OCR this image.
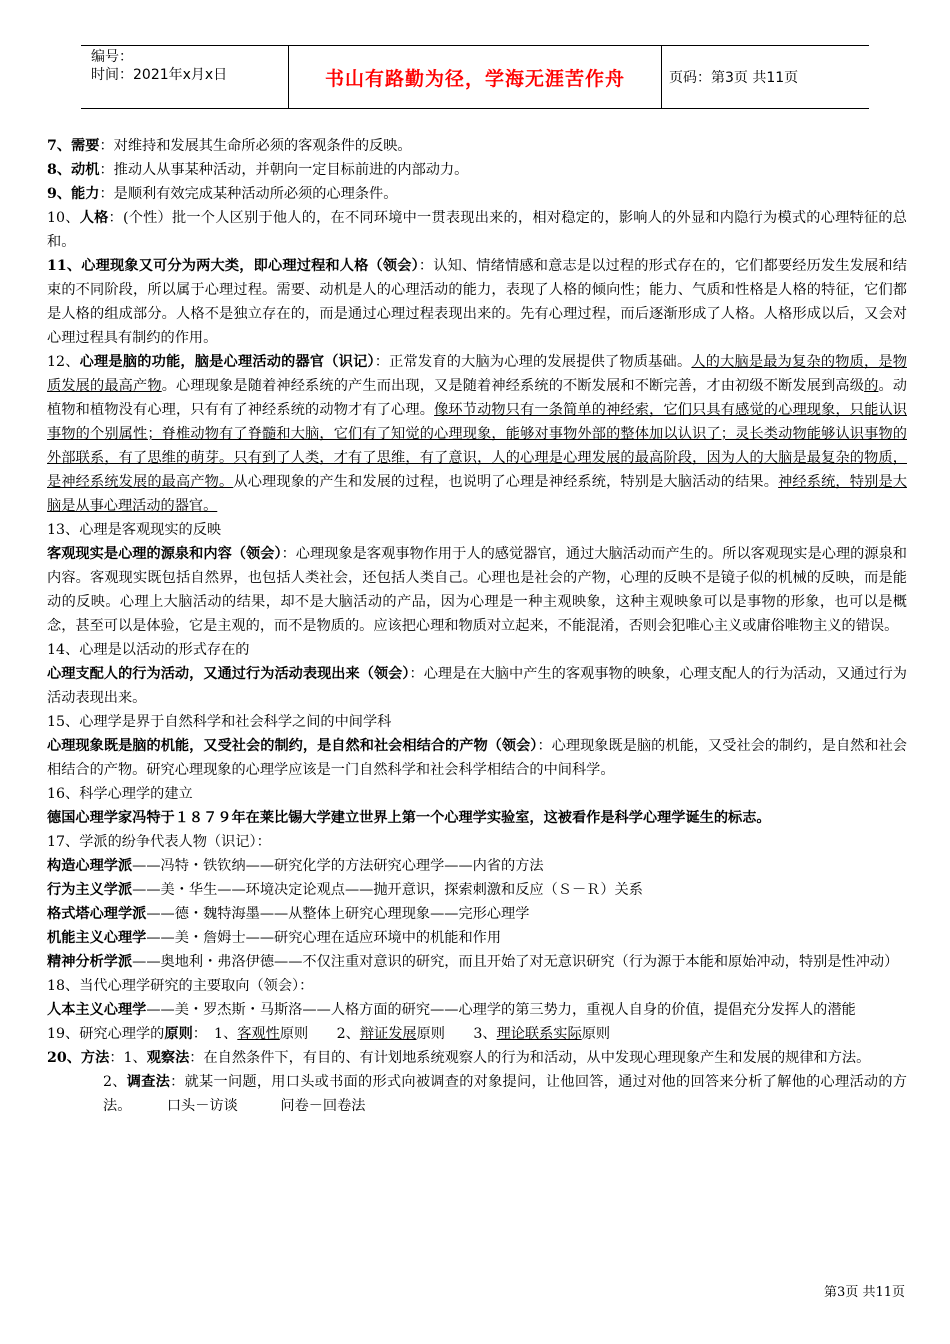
编号：
时间：2021年x月x日	书山有路勤为径，学海无涯苦作舟	页码：第3页 共11页

7、需要：对维持和发展其生命所必须的客观条件的反映。

8、动机：推动人从事某种活动，并朝向一定目标前进的内部动力。

9、能力：是顺利有效完成某种活动所必须的心理条件。

10、人格：(个性）批一个人区别于他人的，在不同环境中一贯表现出来的，相对稳定的，影响人的外显和内隐行为模式的心理特征的总和。

11、心理现象又可分为两大类，即心理过程和人格（领会）：认知、情绪情感和意志是以过程的形式存在的，它们都要经历发生发展和结束的不同阶段，所以属于心理过程。需要、动机是人的心理活动的能力，表现了人格的倾向性；能力、气质和性格是人格的特征，它们都是人格的组成部分。人格不是独立存在的，而是通过心理过程表现出来的。先有心理过程，而后逐渐形成了人格。人格形成以后，又会对心理过程具有制约的作用。

12、心理是脑的功能，脑是心理活动的器官（识记）：正常发育的大脑为心理的发展提供了物质基础。人的大脑是最为复杂的物质，是物质发展的最高产物。心理现象是随着神经系统的产生而出现，又是随着神经系统的不断发展和不断完善，才由初级不断发展到高级的。动植物和植物没有心理，只有有了神经系统的动物才有了心理。像环节动物只有一条简单的神经索，它们只具有感觉的心理现象，只能认识事物的个别属性；脊椎动物有了脊髓和大脑，它们有了知觉的心理现象，能够对事物外部的整体加以认识了；灵长类动物能够认识事物的外部联系，有了思维的萌芽。只有到了人类，才有了思维，有了意识，人的心理是心理发展的最高阶段，因为人的大脑是最复杂的物质，是神经系统发展的最高产物。从心理现象的产生和发展的过程，也说明了心理是神经系统，特别是大脑活动的结果。神经系统，特别是大脑是从事心理活动的器官。

13、心理是客观现实的反映

客观现实是心理的源泉和内容（领会）：心理现象是客观事物作用于人的感觉器官，通过大脑活动而产生的。所以客观现实是心理的源泉和内容。客观现实既包括自然界，也包括人类社会，还包括人类自己。心理也是社会的产物，心理的反映不是镜子似的机械的反映，而是能动的反映。心理上大脑活动的结果，却不是大脑活动的产品，因为心理是一种主观映象，这种主观映象可以是事物的形象，也可以是概念，甚至可以是体验，它是主观的，而不是物质的。应该把心理和物质对立起来，不能混淆，否则会犯唯心主义或庸俗唯物主义的错误。

14、心理是以活动的形式存在的

心理支配人的行为活动，又通过行为活动表现出来（领会）：心理是在大脑中产生的客观事物的映象，心理支配人的行为活动，又通过行为活动表现出来。

15、心理学是界于自然科学和社会科学之间的中间学科

心理现象既是脑的机能，又受社会的制约，是自然和社会相结合的产物（领会）：心理现象既是脑的机能，又受社会的制约，是自然和社会相结合的产物。研究心理现象的心理学应该是一门自然科学和社会科学相结合的中间科学。

16、科学心理学的建立

德国心理学家冯特于１８７９年在莱比锡大学建立世界上第一个心理学实验室，这被看作是科学心理学诞生的标志。

17、学派的纷争代表人物（识记）：

构造心理学派——冯特・铁钦纳——研究化学的方法研究心理学——内省的方法

行为主义学派——美・华生——环境决定论观点——抛开意识，探索刺激和反应（Ｓ－Ｒ）关系

格式塔心理学派——德・魏特海墨——从整体上研究心理现象——完形心理学

机能主义心理学——美・詹姆士——研究心理在适应环境中的机能和作用

精神分析学派——奥地利・弗洛伊德——不仅注重对意识的研究，而且开始了对无意识研究（行为源于本能和原始冲动，特别是性冲动）

18、当代心理学研究的主要取向（领会）：

人本主义心理学——美・罗杰斯・马斯洛——人格方面的研究——心理学的第三势力，重视人自身的价值，提倡充分发挥人的潜能

19、研究心理学的原则：　1、客观性原则　　2、辩证发展原则　　3、理论联系实际原则

20、方法：1、观察法：在自然条件下，有目的、有计划地系统观察人的行为和活动，从中发现心理现象产生和发展的规律和方法。

2、调查法：就某一问题，用口头或书面的形式向被调查的对象提问，让他回答，通过对他的回答来分析了解他的心理活动的方法。　　　口头－访谈　　　问卷－回卷法

第3页 共11页
